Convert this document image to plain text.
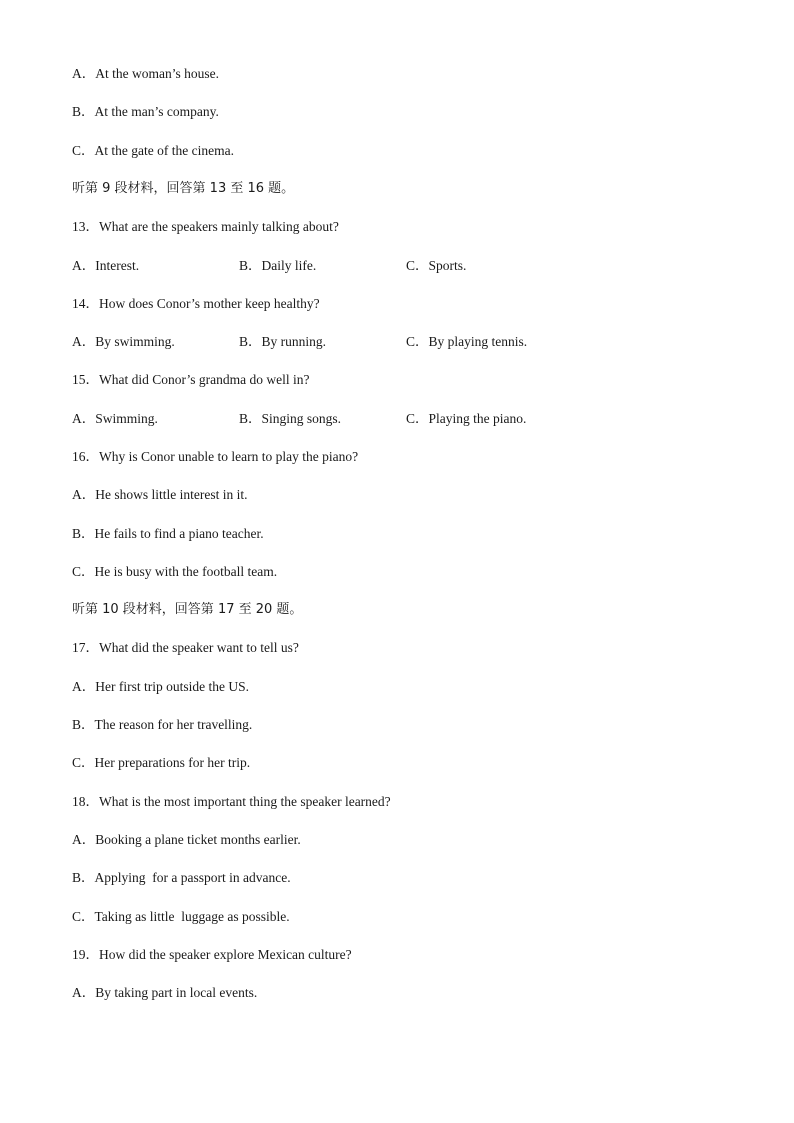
A．At the woman’s house.
B．At the man’s company.
C．At the gate of the cinema.
听第 9 段材料，回答第 13 至 16 题。
13．What are the speakers mainly talking about?
A．Interest.	B．Daily life.	C．Sports.
14．How does Conor’s mother keep healthy?
A．By swimming.	B．By running.	C．By playing tennis.
15．What did Conor’s grandma do well in?
A．Swimming.	B．Singing songs.	C．Playing the piano.
16．Why is Conor unable to learn to play the piano?
A．He shows little interest in it.
B．He fails to find a piano teacher.
C．He is busy with the football team.
听第 10 段材料，回答第 17 至 20 题。
17．What did the speaker want to tell us?
A．Her first trip outside the US.
B．The reason for her travelling.
C．Her preparations for her trip.
18．What is the most important thing the speaker learned?
A．Booking a plane ticket months earlier.
B．Applying  for a passport in advance.
C．Taking as little  luggage as possible.
19．How did the speaker explore Mexican culture?
A．By taking part in local events.
